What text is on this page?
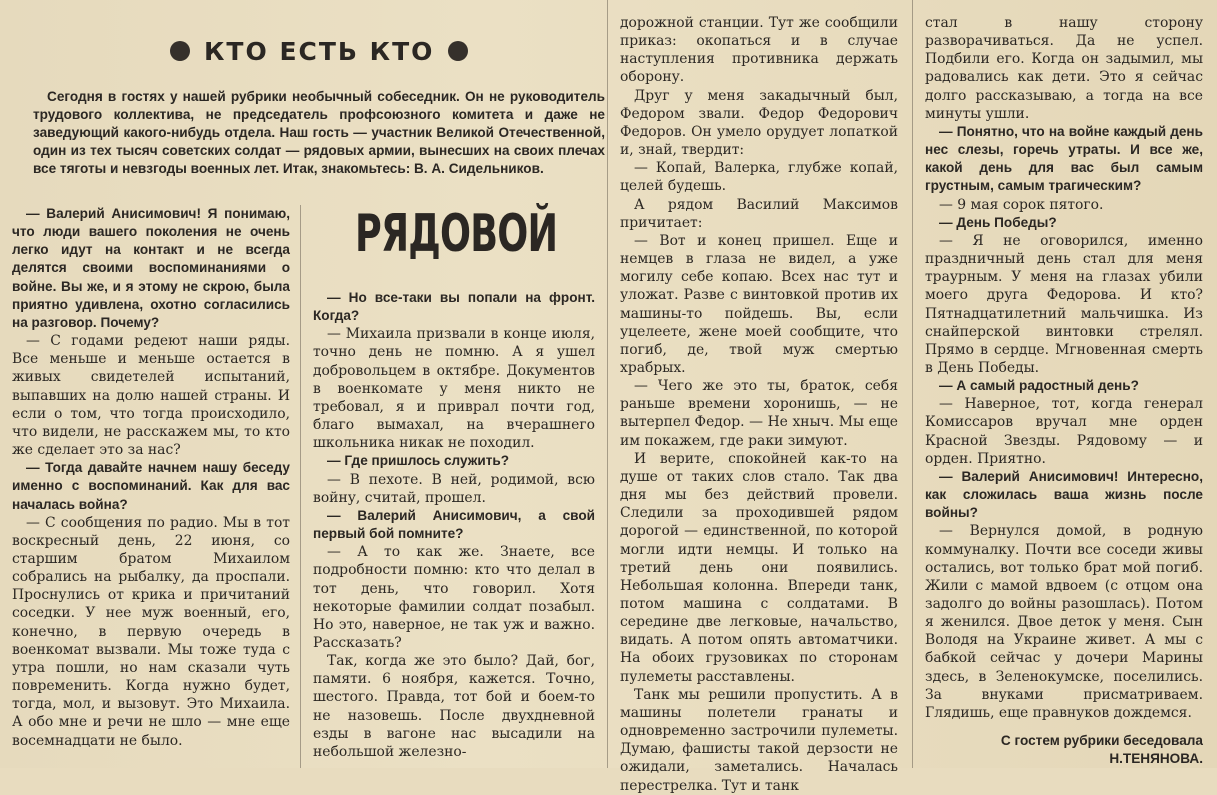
КТО ЕСТЬ КТО
Сегодня в гостях у нашей рубрики необычный собеседник. Он не руководитель трудового коллектива, не председатель профсоюзного комитета и даже не заведующий какого-нибудь отдела. Наш гость — участник Великой Отечественной, один из тех тысяч советских солдат — рядовых армии, вынесших на своих плечах все тяготы и невзгоды военных лет. Итак, знакомьтесь: В. А. Сидельников.
РЯДОВОЙ

— Валерий Анисимович! Я понимаю, что люди вашего поколения не очень легко идут на контакт и не всегда делятся своими воспоминаниями о войне. Вы же, и я этому не скрою, была приятно удивлена, охотно согласились на разговор. Почему?

— С годами редеют наши ряды. Все меньше и меньше остается в живых свидетелей испытаний, выпавших на долю нашей страны. И если о том, что тогда происходило, что видели, не расскажем мы, то кто же сделает это за нас?

— Тогда давайте начнем нашу беседу именно с воспоминаний. Как для вас началась война?

— С сообщения по радио. Мы в тот воскресный день, 22 июня, со старшим братом Михаилом собрались на рыбалку, да проспали. Проснулись от крика и причитаний соседки. У нее муж военный, его, конечно, в первую очередь в военкомат вызвали. Мы тоже туда с утра пошли, но нам сказали чуть повременить. Когда нужно будет, тогда, мол, и вызовут. Это Михаила. А обо мне и речи не шло — мне еще восемнадцати не было.

— Но все-таки вы попали на фронт. Когда?

— Михаила призвали в конце июля, точно день не помню. А я ушел добровольцем в октябре. Документов в военкомате у меня никто не требовал, я и приврал почти год, благо вымахал, на вчерашнего школьника никак не походил.

— Где пришлось служить?

— В пехоте. В ней, родимой, всю войну, считай, прошел.

— Валерий Анисимович, а свой первый бой помните?

— А то как же. Знаете, все подробности помню: кто что делал в тот день, что говорил. Хотя некоторые фамилии солдат позабыл. Но это, наверное, не так уж и важно. Рассказать?

Так, когда же это было? Дай, бог, памяти. 6 ноября, кажется. Точно, шестого. Правда, тот бой и боем-то не назовешь. После двухдневной езды в вагоне нас высадили на небольшой железно-

дорожной станции. Тут же сообщили приказ: окопаться и в случае наступления противника держать оборону.

Друг у меня закадычный был, Федором звали. Федор Федорович Федоров. Он умело орудует лопаткой и, знай, твердит:

— Копай, Валерка, глубже копай, целей будешь.

А рядом Василий Максимов причитает:

— Вот и конец пришел. Еще и немцев в глаза не видел, а уже могилу себе копаю. Всех нас тут и уложат. Разве с винтовкой против их машины-то пойдешь. Вы, если уцелеете, жене моей сообщите, что погиб, де, твой муж смертью храбрых.

— Чего же это ты, браток, себя раньше времени хоронишь, — не вытерпел Федор. — Не хныч. Мы еще им покажем, где раки зимуют.

И верите, спокойней как-то на душе от таких слов стало. Так два дня мы без действий провели. Следили за проходившей рядом дорогой — единственной, по которой могли идти немцы. И только на третий день они появились. Небольшая колонна. Впереди танк, потом машина с солдатами. В середине две легковые, начальство, видать. А потом опять автоматчики. На обоих грузовиках по сторонам пулеметы расставлены.

Танк мы решили пропустить. А в машины полетели гранаты и одновременно застрочили пулеметы. Думаю, фашисты такой дерзости не ожидали, заметались. Началась перестрелка. Тут и танк

стал в нашу сторону разворачиваться. Да не успел. Подбили его. Когда он задымил, мы радовались как дети. Это я сейчас долго рассказываю, а тогда на все минуты ушли.

— Понятно, что на войне каждый день нес слезы, горечь утраты. И все же, какой день для вас был самым грустным, самым трагическим?

— 9 мая сорок пятого.

— День Победы?

— Я не оговорился, именно праздничный день стал для меня траурным. У меня на глазах убили моего друга Федорова. И кто? Пятнадцатилетний мальчишка. Из снайперской винтовки стрелял. Прямо в сердце. Мгновенная смерть в День Победы.

— А самый радостный день?

— Наверное, тот, когда генерал Комиссаров вручал мне орден Красной Звезды. Рядовому — и орден. Приятно.

— Валерий Анисимович! Интересно, как сложилась ваша жизнь после войны?

— Вернулся домой, в родную коммуналку. Почти все соседи живы остались, вот только брат мой погиб. Жили с мамой вдвоем (с отцом она задолго до войны разошлась). Потом я женился. Двое деток у меня. Сын Володя на Украине живет. А мы с бабкой сейчас у дочери Марины здесь, в Зеленокумске, поселились. За внуками присматриваем. Глядишь, еще правнуков дождемся.

С гостем рубрики беседовала Н.ТЕНЯНОВА.
